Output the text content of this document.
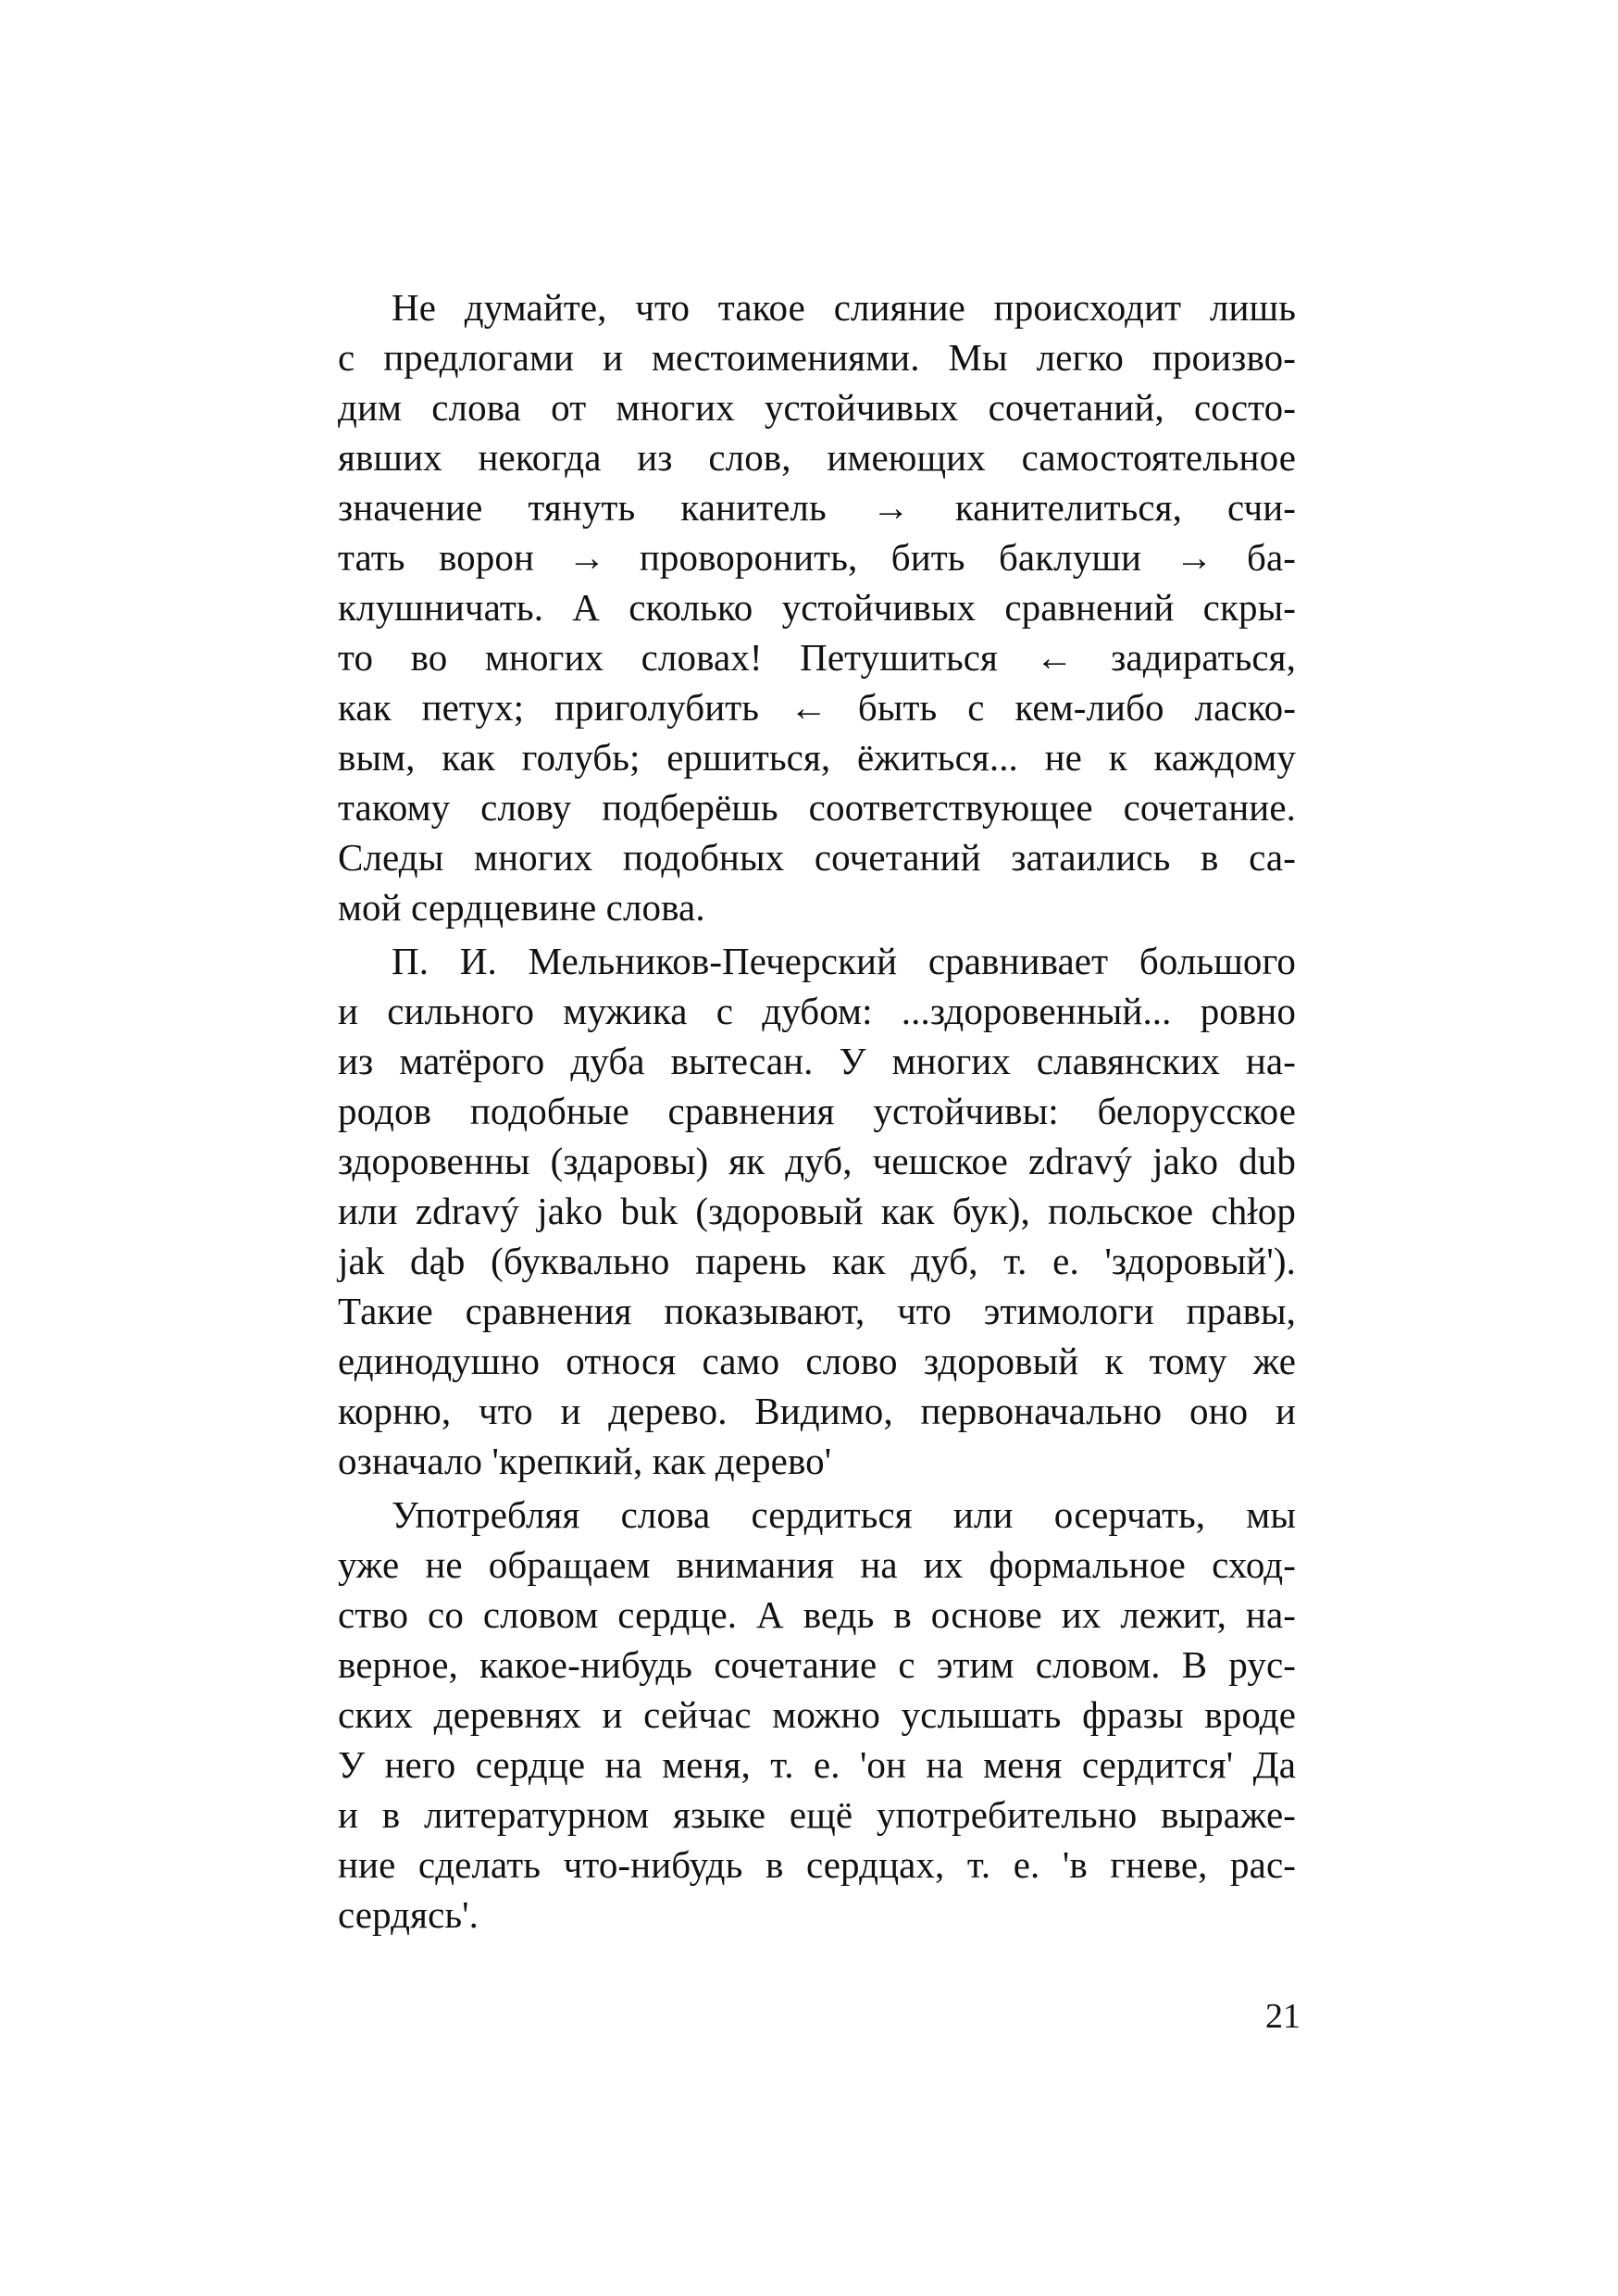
Не думайте, что такое слияние происходит лишь
с предлогами и местоимениями. Мы легко произво-
дим слова от многих устойчивых сочетаний, состо-
явших некогда из слов, имеющих самостоятельное
значение тянуть канитель → канителиться, счи-
тать ворон → проворонить, бить баклуши → ба-
клушничать. А сколько устойчивых сравнений скры-
то во многих словах! Петушиться ← задираться,
как петух; приголубить ← быть с кем-либо ласко-
вым, как голубь; ершиться, ёжиться... не к каждому
такому слову подберёшь соответствующее сочетание.
Следы многих подобных сочетаний затаились в са-
мой сердцевине слова.
П. И. Мельников-Печерский сравнивает большого
и сильного мужика с дубом: ...здоровенный... ровно
из матёрого дуба вытесан. У многих славянских на-
родов подобные сравнения устойчивы: белорусское
здоровенны (здаровы) як дуб, чешское zdravý jako dub
или zdravý jako buk (здоровый как бук), польское chłop
jak dąb (буквально парень как дуб, т. е. 'здоровый').
Такие сравнения показывают, что этимологи правы,
единодушно относя само слово здоровый к тому же
корню, что и дерево. Видимо, первоначально оно и
означало 'крепкий, как дерево'
Употребляя слова сердиться или осерчать, мы
уже не обращаем внимания на их формальное сход-
ство со словом сердце. А ведь в основе их лежит, на-
верное, какое-нибудь сочетание с этим словом. В рус-
ских деревнях и сейчас можно услышать фразы вроде
У него сердце на меня, т. е. 'он на меня сердится' Да
и в литературном языке ещё употребительно выраже-
ние сделать что-нибудь в сердцах, т. е. 'в гневе, рас-
сердясь'.
21
